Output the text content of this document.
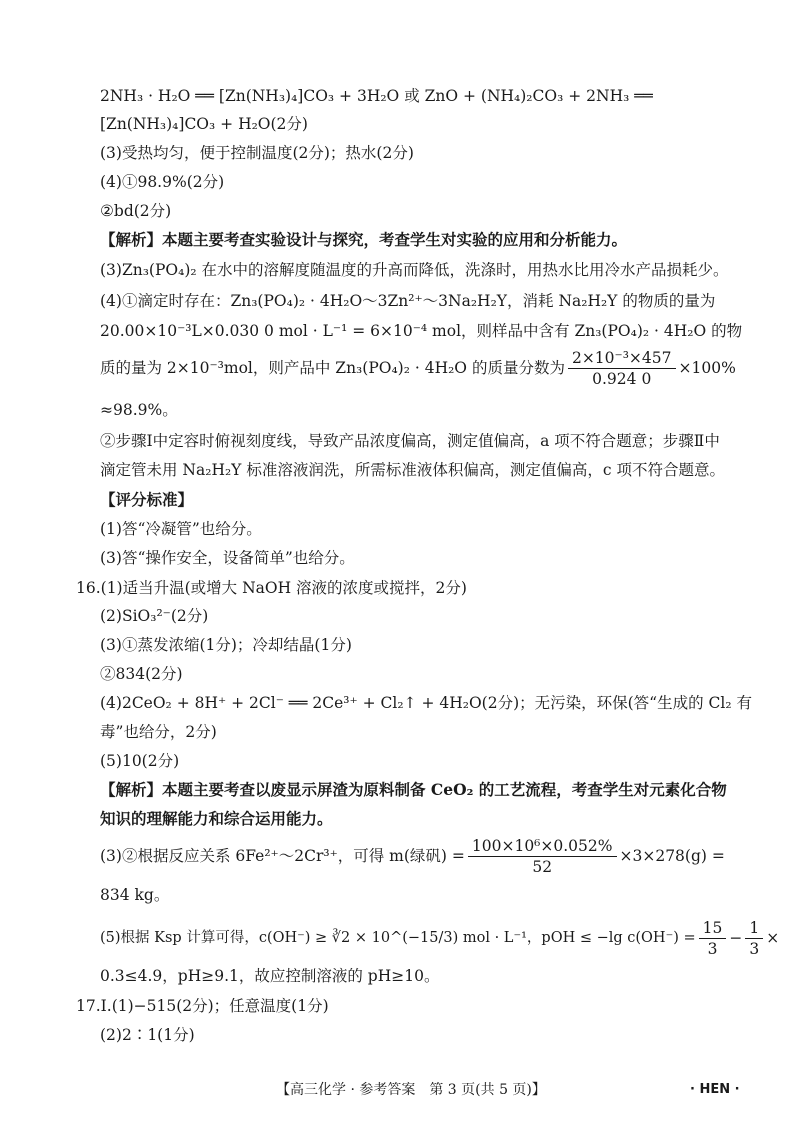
2NH₃ · H₂O ══ [Zn(NH₃)₄]CO₃ + 3H₂O 或 ZnO + (NH₄)₂CO₃ + 2NH₃ ══
[Zn(NH₃)₄]CO₃ + H₂O(2分)
(3)受热均匀，便于控制温度(2分)；热水(2分)
(4)①98.9%(2分)
②bd(2分)
【解析】本题主要考查实验设计与探究，考查学生对实验的应用和分析能力。
(3)Zn₃(PO₄)₂ 在水中的溶解度随温度的升高而降低，洗涤时，用热水比用冷水产品损耗少。
(4)①滴定时存在：Zn₃(PO₄)₂ · 4H₂O～3Zn²⁺～3Na₂H₂Y，消耗 Na₂H₂Y 的物质的量为
20.00×10⁻³L×0.030 0 mol · L⁻¹ = 6×10⁻⁴ mol，则样品中含有 Zn₃(PO₄)₂ · 4H₂O 的物
质的量为 2×10⁻³mol，则产品中 Zn₃(PO₄)₂ · 4H₂O 的质量分数为 $\frac{\text{2×10⁻³×457}}{0.924 0} \times 100\%$
≈98.9%。
②步骤Ⅰ中定容时俯视刻度线，导致产品浓度偏高，测定值偏高，a 项不符合题意；步骤Ⅱ中
滴定管未用 Na₂H₂Y 标准溶液润洗，所需标准液体积偏高，测定值偏高，c 项不符合题意。
【评分标准】
(1)答“冷凝管”也给分。
(3)答“操作安全，设备简单”也给分。
16.(1)适当升温(或增大 NaOH 溶液的浓度或搅拌，2分)
(2)SiO₃²⁻(2分)
(3)①蒸发浓缩(1分)；冷却结晶(1分)
②834(2分)
(4)2CeO₂ + 8H⁺ + 2Cl⁻ ══ 2Ce³⁺ + Cl₂↑ + 4H₂O(2分)；无污染，环保(答“生成的 Cl₂ 有
毒”也给分，2分)
(5)10(2分)
【解析】本题主要考查以废显示屏渣为原料制备 CeO₂ 的工艺流程，考查学生对元素化合物
知识的理解能力和综合运用能力。
(3)②根据反应关系 6Fe²⁺～2Cr³⁺，可得 m(绿矾) = $\frac{\text{100×10⁶×0.052\%}}{52} \times 3\times 278(g)$ =
834 kg。
(5)根据 Ksp 计算可得，c(OH⁻) ≥ ∛2 × 10^(−15/3) mol · L⁻¹，pOH ≤ −lg $c(OH^-) = \frac{15}{3} - \frac{1}{3}$ ×
0.3≤4.9，pH≥9.1，故应控制溶液的 pH≥10。
17.Ⅰ.(1)−515(2分)；任意温度(1分)
(2)2∶1(1分)
【高三化学 · 参考答案　第 3 页(共 5 页)】	· HEN ·
